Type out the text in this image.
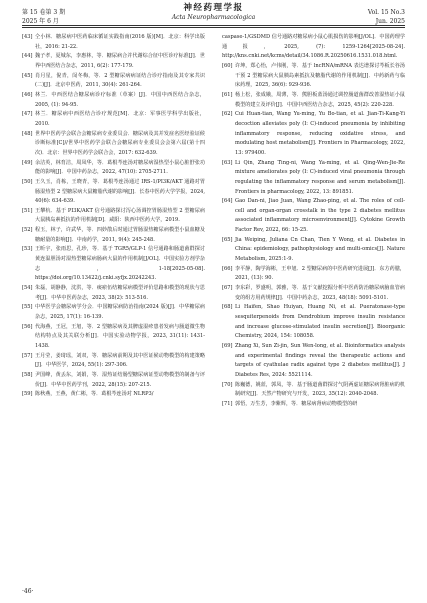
第 15 卷第 3 期
2025 年 6 月
神经药理学报
Acta Neuropharmacologica
Vol. 15 No.3
Jun. 2025
[43] 仝小林．糖尿病中医药临床循证实践指南(2016 版)[M]．北京：科学出版社，2016: 21-22.
[44] 魏子孝，夏城东，李惠林，等．糖尿病合并代谢综合征中医诊疗标准[J]．世界中西医结合杂志，2011, 6(2): 177-179.
[45] 肖月星，倪青，闵冬梅，等．2 型糖尿病病证结合诊疗指南及其专家共识(二)[J]．北京中医药，2011, 30(4): 261-264.
[46] 林兰．中西医结合糖尿病诊疗标准（草案）[J]．中国中西医结合杂志，2005, (1): 94-95.
[47] 林兰．糖尿病中西医结合诊疗规范[M]．北京：军事医学科学出版社，2010.
[48] 世界中医药学会联合会糖尿病专业委员会．糖尿病及其并发症名医经验证候诊断标准[C]//世界中医药学会联合会糖尿病专业委员会会第六届(第十四次)．北京：世界中医药学会联合会，2017: 632-639.
[49] 余洁英，林育洁，周凤华，等．葛根芩连汤对糖尿病湿热型小鼠心脏舒张功能的影响[J]．中国中药杂志，2022, 47(10): 2705-2711.
[50] 王久玉，肖栋，王晓青，等．葛根芩连汤通过 IRS-1/PI3K/AKT 通路对胃肠湿热型 2 型糖尿病大鼠糖脂代谢的影响[J]．长春中医药大学学报，2024, 40(6): 634-639.
[51] 王攀杭．基于 PI3K/AKT 信号通路探讨泻心汤调控胃肠湿热型 2 型糖尿病大鼠胰岛素抵抗的作用机制[D]．咸阳：陕西中医药大学，2019.
[52] 程玉，林子，许武华，等．四妙散后时通过胃肠湿热糖尿病模型小鼠血糖及糖耐量的影响[J]．中南药学，2011, 9(4): 245-248.
[53] 王昕宇，张雨思，孔珍，等．基于 TGR5/GLP-1 信号通路和肠道菌群探讨黄连温胆汤对湿热型糖尿病肠病大鼠的作用机制[J/OL]．中国实验方剂学杂志，1-18[2025-05-08]. https://doi.org/10.13422/j.cnki.syfjx.20242243.
[54] 朱磊，胡静静，沈洪，等．痰瘀伍结糖尿病模型评价思路和模型的现状与思考[J]．中华中医药杂志，2023, 38(2): 513-516.
[55] 中华医学会糖尿病学分会．中国糖尿病防治指南(2024 版)[J]．中华糖尿病杂志，2025, 17(1): 16-139.
[56] 代海燕，王冠，王旭，等．2 型糖尿病及其脾虚湿疹患者发病与肠道微生物结构特点及其关联分析[J]．中国实验动物学报，2023, 31(11): 1431-1438.
[57] 王月莹，姜琦瑶，刘双，等．糖尿病前期及其中医证候动物模型的构建策略[J]．中华医学，2024, 55(1): 297-306.
[58] 尹国峰，黄丢东，刘娟，等．湿热证结肠型糖尿病证型动物模型的制备与评价[J]．中华中医药学刊，2022, 28(15): 207-215.
[59] 陈秋燕，王燕，黄仁彬，等．葛根芩连汤对 NLRP3/
caspase-1/GSDMD 信号通路对糖尿病小鼠心肌损伤的影响[J/OL]．中国药理学通报，2025, (7): 1259-1264[2025-08-24]. http://kns.cnki.net/kcms/detail/34.1086.R.20250616.1531.018.html.
[60] 许坤，郑心怡，卢伟刚，等．基于 lncRNA/mRNA 表达谱探讨芩板长谷汤干预 2 型糖尿病大鼠胰岛素抵抗及糖脂代谢的作用机制[J]．中药新药与临床药理，2025, 36(6): 929-936.
[61] 杨上松，张成娥，周薄，等．熊胆板蓝汤通过调控肠道菌群改善湿热证小鼠模型的建立及评价[J]．中国中西医结合杂志，2025, 45(2): 220-228.
[62] Cui Huan-tian, Wang Yu-ming, Yu Bo-tian, et al. Jian-Ti-Kang-Yi decoction alleviates poly (I: C)-induced pneumonia by inhibiting inflammatory response, reducing oxidative stress, and modulating host metabolism[J]. Frontiers in Pharmacology, 2022, 13: 979400.
[63] Li Qin, Zhang Ting-ni, Wang Ya-ming, et al. Qing-Wen-Jie-Re mixture ameliorates poly (I: C)-induced viral pneumonia through regulating the inflammatory response and serum metabolism[J]. Frontiers in pharmacology, 2022, 13: 891851.
[64] Gao Dan-ni, Jiao Juan, Wang Zhao-ping, et al. The roles of cell-cell and organ-organ crosstalk in the type 2 diabetes mellitus associated inflammatory microenvironment[J]. Cytokine Growth Factor Rev, 2022, 66: 15-25.
[65] Jia Weiping, Juliana Cn Chan, Tien Y Wong, et al. Diabetes in China: epidemiology, pathophysiology and multi-omics[J]. Nature Metabolism, 2025:1-9.
[66] 李平静，陶学海彬，王申旭．2 型糖尿病的中医药研究进展[J]．东方药膳，2021, (13): 90.
[67] 李东彩，罗盛明，郭雅，等．基于文献挖掘分析中医药防治糖尿病脑血管病变的组方用药规律[J]．中国中药杂志，2023, 48(18): 5091-5101.
[68] Li Haifen, Shao Huiyan, Huang Ni, et al. Pueratonase-type sesquiterpenoids from Dendrobium improve insulin resistance and increase glucose-stimulated insulin secretion[J]. Bioorganic Chemistry, 2024, 154: 108058.
[69] Zhang Xi, Sun Zi-jin, Sun Wen-long, et al. Bioinformatics analysis and experimental findings reveal the therapeutic actions and targets of cyathulae radix against type 2 diabetes mellitus[J]. J Diabetes Res, 2024: 5521114.
[70] 陈巍德，姚蓝，郭凤，等．基于肠道菌群探讨气阴两虚证糖尿病肾脏病的机制研究[J]．天然产物研究与开发，2023, 35(12): 2040-2048.
[71] 郭悟，万生芳，李紫辉，等．糖尿病肾病动物模型的研
·46·
